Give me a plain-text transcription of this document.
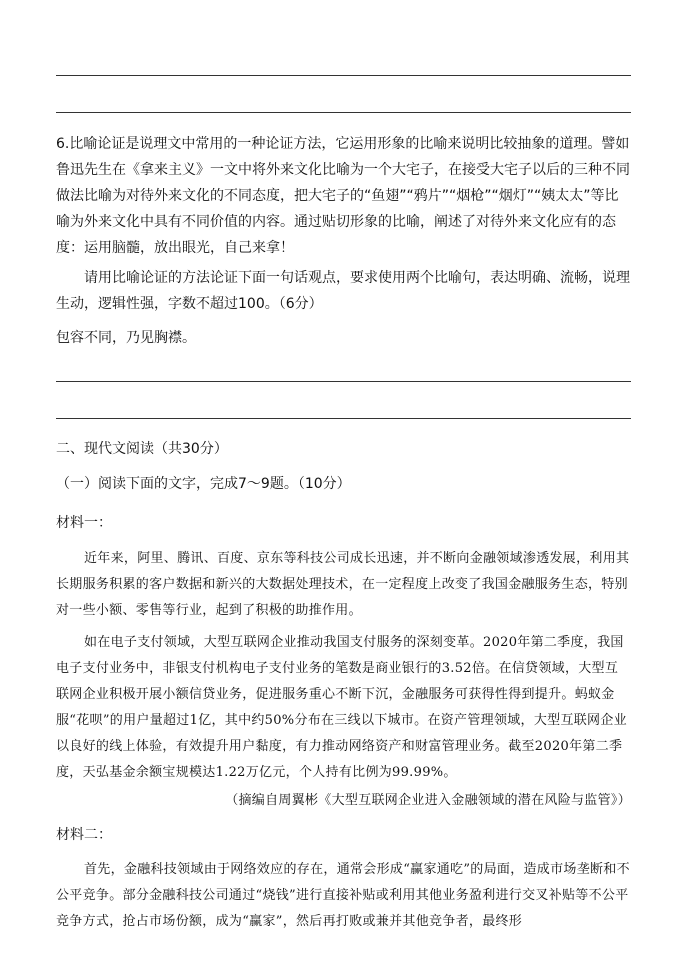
6.比喻论证是说理文中常用的一种论证方法，它运用形象的比喻来说明比较抽象的道理。譬如鲁迅先生在《拿来主义》一文中将外来文化比喻为一个大宅子，在接受大宅子以后的三种不同做法比喻为对待外来文化的不同态度，把大宅子的“鱼翅”“鸦片”“烟枪”“烟灯”“姨太太”等比喻为外来文化中具有不同价值的内容。通过贴切形象的比喻，阐述了对待外来文化应有的态度：运用脑髓，放出眼光，自己来拿！

请用比喻论证的方法论证下面一句话观点，要求使用两个比喻句，表达明确、流畅，说理生动，逻辑性强，字数不超过100。（6分）

包容不同，乃见胸襟。

二、现代文阅读（共30分）

（一）阅读下面的文字，完成7～9题。（10分）

材料一：

近年来，阿里、腾讯、百度、京东等科技公司成长迅速，并不断向金融领域渗透发展，利用其长期服务积累的客户数据和新兴的大数据处理技术，在一定程度上改变了我国金融服务生态，特别对一些小额、零售等行业，起到了积极的助推作用。

如在电子支付领域，大型互联网企业推动我国支付服务的深刻变革。2020年第二季度，我国电子支付业务中，非银支付机构电子支付业务的笔数是商业银行的3.52倍。在信贷领域，大型互联网企业积极开展小额信贷业务，促进服务重心不断下沉，金融服务可获得性得到提升。蚂蚁金服“花呗”的用户量超过1亿，其中约50%分布在三线以下城市。在资产管理领域，大型互联网企业以良好的线上体验，有效提升用户黏度，有力推动网络资产和财富管理业务。截至2020年第二季度，天弘基金余额宝规模达1.22万亿元，个人持有比例为99.99%。

（摘编自周翼彬《大型互联网企业进入金融领域的潜在风险与监管》）

材料二：

首先，金融科技领域由于网络效应的存在，通常会形成“赢家通吃”的局面，造成市场垄断和不公平竞争。部分金融科技公司通过“烧钱”进行直接补贴或利用其他业务盈利进行交叉补贴等不公平竞争方式，抢占市场份额，成为“赢家”，然后再打败或兼并其他竞争者，最终形
